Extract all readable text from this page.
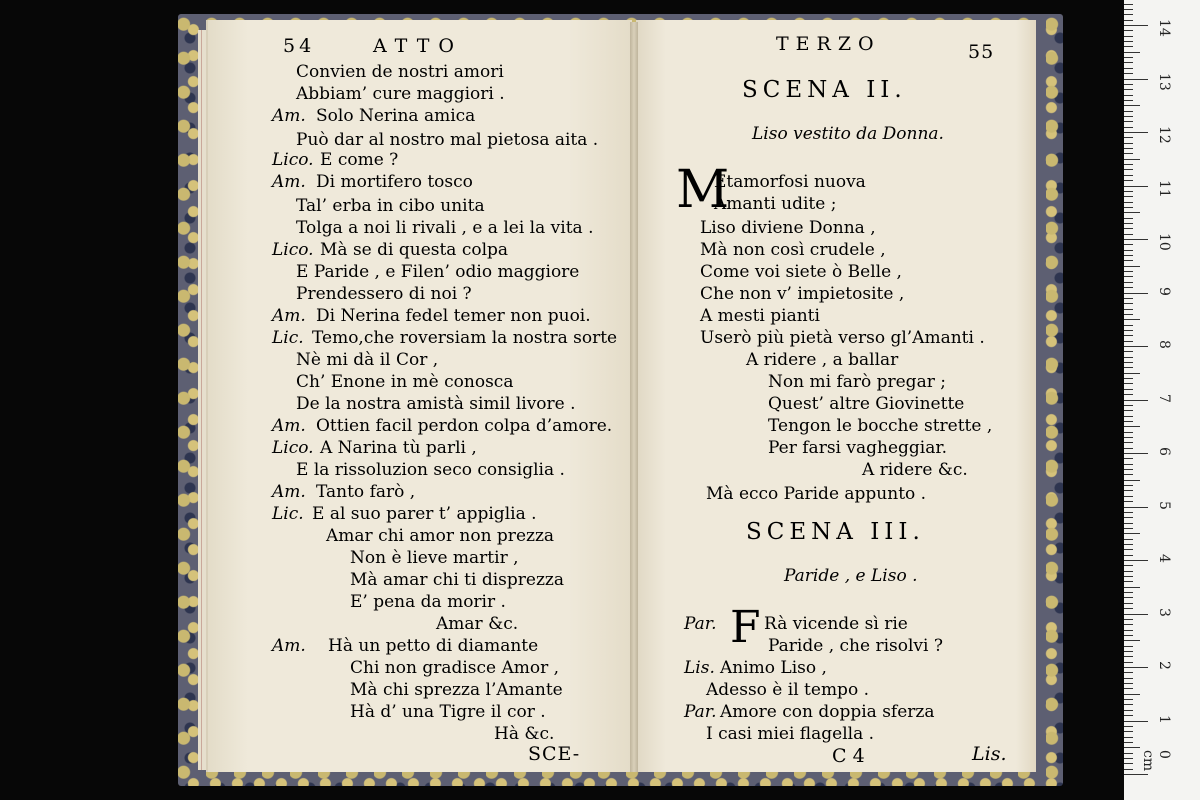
54	ATTO
Convien de nostri amori
Abbiam’ cure maggiori .
Am. Solo Nerina amica
Può dar al nostro mal pietosa aita .
Lico. E come ?
Am. Di mortifero tosco
Tal’ erba in cibo unita
Tolga a noi li rivali , e a lei la vita .
Lico. Mà se di questa colpa
E Paride , e Filen’ odio maggiore
Prendessero di noi ?
Am. Di Nerina fedel temer non puoi.
Lic. Temo,che roversiam la nostra sorte
Nè mi dà il Cor ,
Ch’ Enone in mè conosca
De la nostra amistà simil livore .
Am. Ottien facil perdon colpa d’amore.
Lico. A Narina tù parli ,
E la rissoluzion seco consiglia .
Am. Tanto farò ,
Lic. E al suo parer t’ appiglia .
Amar chi amor non prezza
Non è lieve martir ,
Mà amar chi ti disprezza
E’ pena da morir .
Amar &c.
Am. Hà un petto di diamante
Chi non gradisce Amor ,
Mà chi sprezza l’Amante
Hà d’ una Tigre il cor .
Hà &c.
SCE-
TERZO	55
SCENA II.
Liso vestito da Donna.
M
Etamorfosi nuova
Amanti udite ;
Liso diviene Donna ,
Mà non così crudele ,
Come voi siete ò Belle ,
Che non v’ impietosite ,
A mesti pianti
Userò più pietà verso gl’Amanti .
A ridere , a ballar
Non mi farò pregar ;
Quest’ altre Giovinette
Tengon le bocche strette ,
Per farsi vagheggiar.
A ridere &c.
Mà ecco Paride appunto .
SCENA III.
Paride , e Liso .
F
Par.	Rà vicende sì rie
Paride , che risolvi ?
Lis. Animo Liso ,
Adesso è il tempo .
Par. Amore con doppia sferza
I casi miei flagella .
C 4	Lis.	0 cm
1
2
3
4
5
6
7
8
9
10
11
12
13
14
